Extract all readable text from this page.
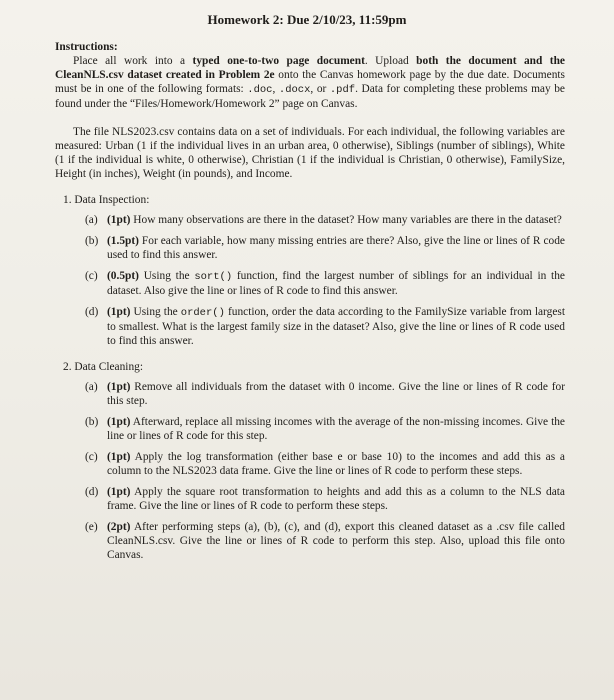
Homework 2: Due 2/10/23, 11:59pm

Instructions:

Place all work into a typed one-to-two page document. Upload both the document and the CleanNLS.csv dataset created in Problem 2e onto the Canvas homework page by the due date. Documents must be in one of the following formats: .doc, .docx, or .pdf. Data for completing these problems may be found under the “Files/Homework/Homework 2” page on Canvas.

The file NLS2023.csv contains data on a set of individuals. For each individual, the following variables are measured: Urban (1 if the individual lives in an urban area, 0 otherwise), Siblings (number of siblings), White (1 if the individual is white, 0 otherwise), Christian (1 if the individual is Christian, 0 otherwise), FamilySize, Height (in inches), Weight (in pounds), and Income.

1. Data Inspection:
(a) (1pt) How many observations are there in the dataset? How many variables are there in the dataset?
(b) (1.5pt) For each variable, how many missing entries are there? Also, give the line or lines of R code used to find this answer.
(c) (0.5pt) Using the sort() function, find the largest number of siblings for an individual in the dataset. Also give the line or lines of R code to find this answer.
(d) (1pt) Using the order() function, order the data according to the FamilySize variable from largest to smallest. What is the largest family size in the dataset? Also, give the line or lines of R code used to find this answer.
2. Data Cleaning:
(a) (1pt) Remove all individuals from the dataset with 0 income. Give the line or lines of R code for this step.
(b) (1pt) Afterward, replace all missing incomes with the average of the non-missing incomes. Give the line or lines of R code for this step.
(c) (1pt) Apply the log transformation (either base e or base 10) to the incomes and add this as a column to the NLS2023 data frame. Give the line or lines of R code to perform these steps.
(d) (1pt) Apply the square root transformation to heights and add this as a column to the NLS data frame. Give the line or lines of R code to perform these steps.
(e) (2pt) After performing steps (a), (b), (c), and (d), export this cleaned dataset as a .csv file called CleanNLS.csv. Give the line or lines of R code to perform this step. Also, upload this file onto Canvas.
